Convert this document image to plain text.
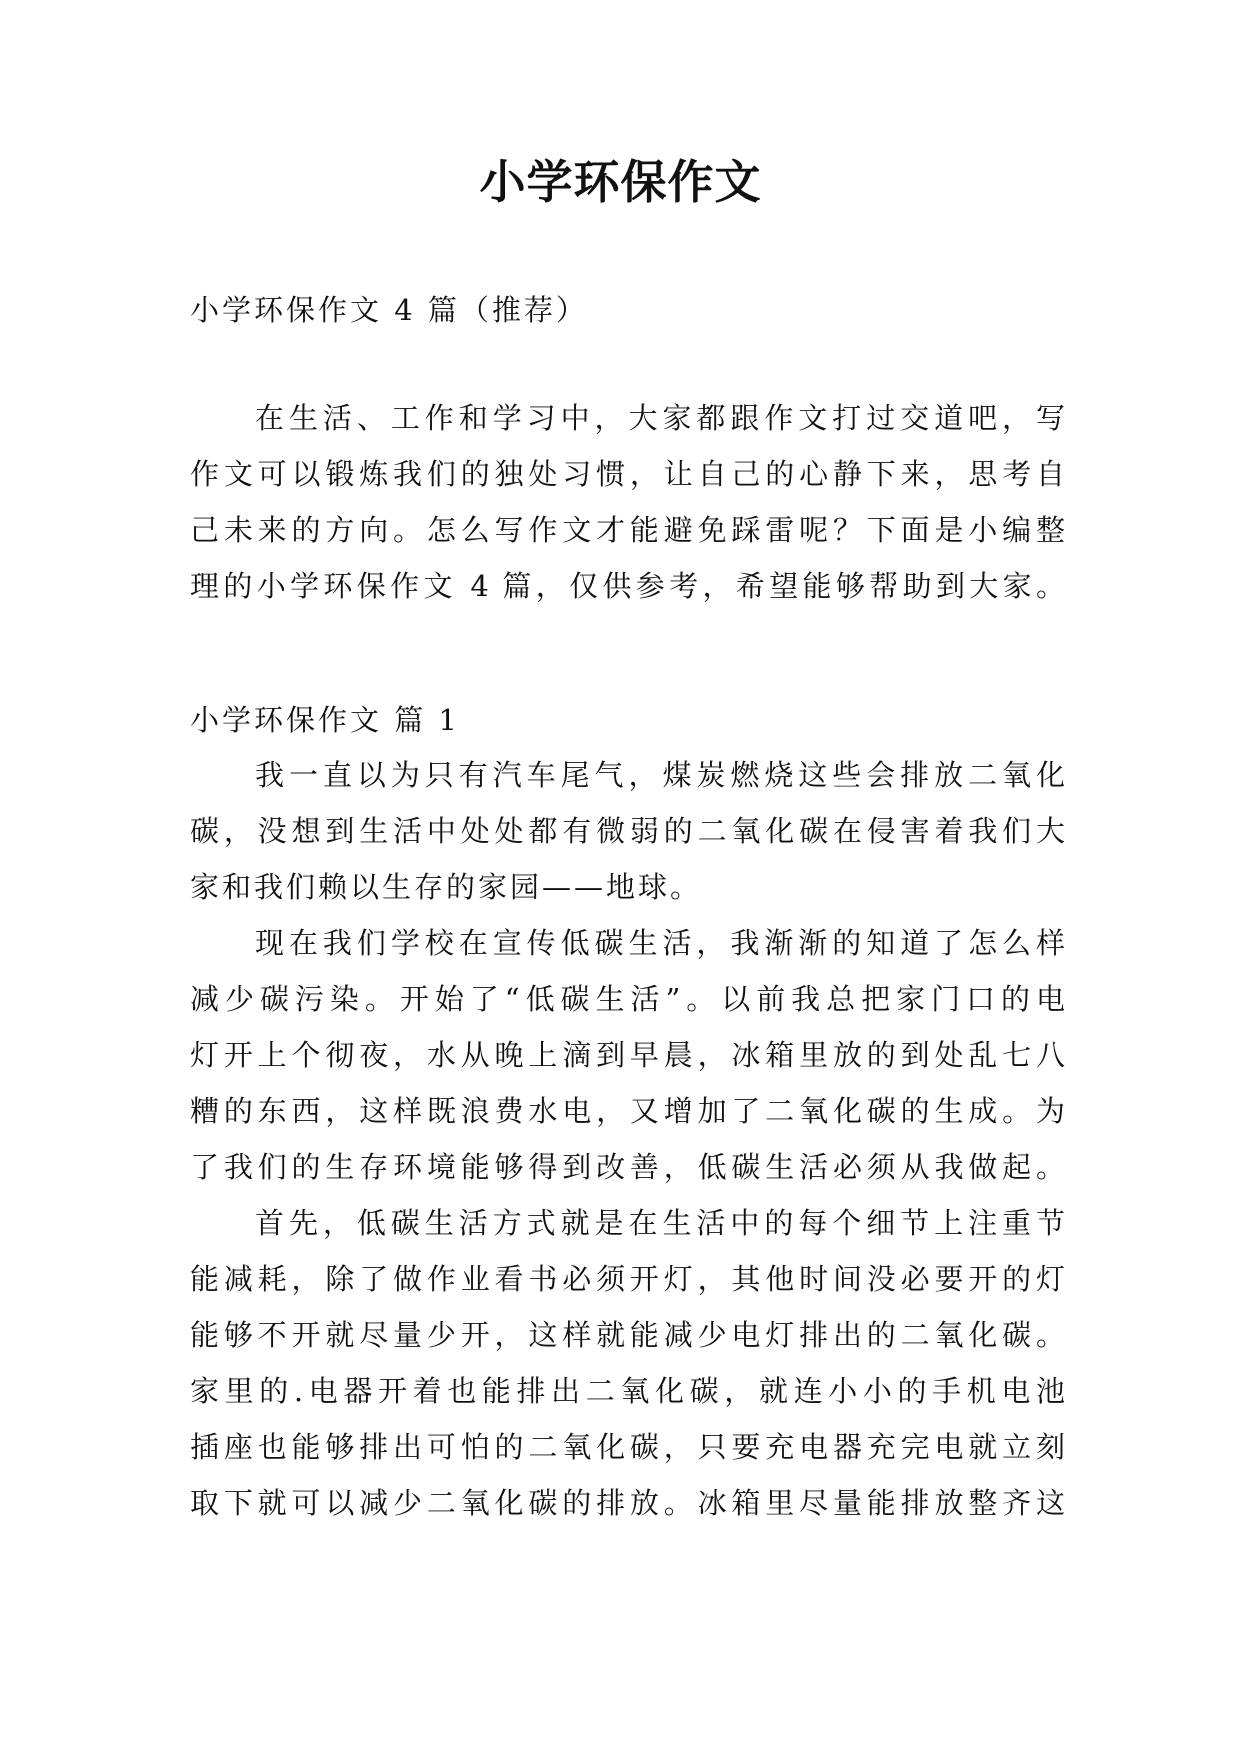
小学环保作文
小学环保作文 4 篇（推荐）
在生活、工作和学习中，大家都跟作文打过交道吧，写
作文可以锻炼我们的独处习惯，让自己的心静下来，思考自
己未来的方向。怎么写作文才能避免踩雷呢？下面是小编整
理的小学环保作文 4 篇，仅供参考，希望能够帮助到大家。
小学环保作文 篇 1
我一直以为只有汽车尾气，煤炭燃烧这些会排放二氧化
碳，没想到生活中处处都有微弱的二氧化碳在侵害着我们大
家和我们赖以生存的家园——地球。
现在我们学校在宣传低碳生活，我渐渐的知道了怎么样
减少碳污染。开始了“低碳生活”。以前我总把家门口的电
灯开上个彻夜，水从晚上滴到早晨，冰箱里放的到处乱七八
糟的东西，这样既浪费水电，又增加了二氧化碳的生成。为
了我们的生存环境能够得到改善，低碳生活必须从我做起。
首先，低碳生活方式就是在生活中的每个细节上注重节
能减耗，除了做作业看书必须开灯，其他时间没必要开的灯
能够不开就尽量少开，这样就能减少电灯排出的二氧化碳。
家里的.电器开着也能排出二氧化碳，就连小小的手机电池
插座也能够排出可怕的二氧化碳，只要充电器充完电就立刻
取下就可以减少二氧化碳的排放。冰箱里尽量能排放整齐这
